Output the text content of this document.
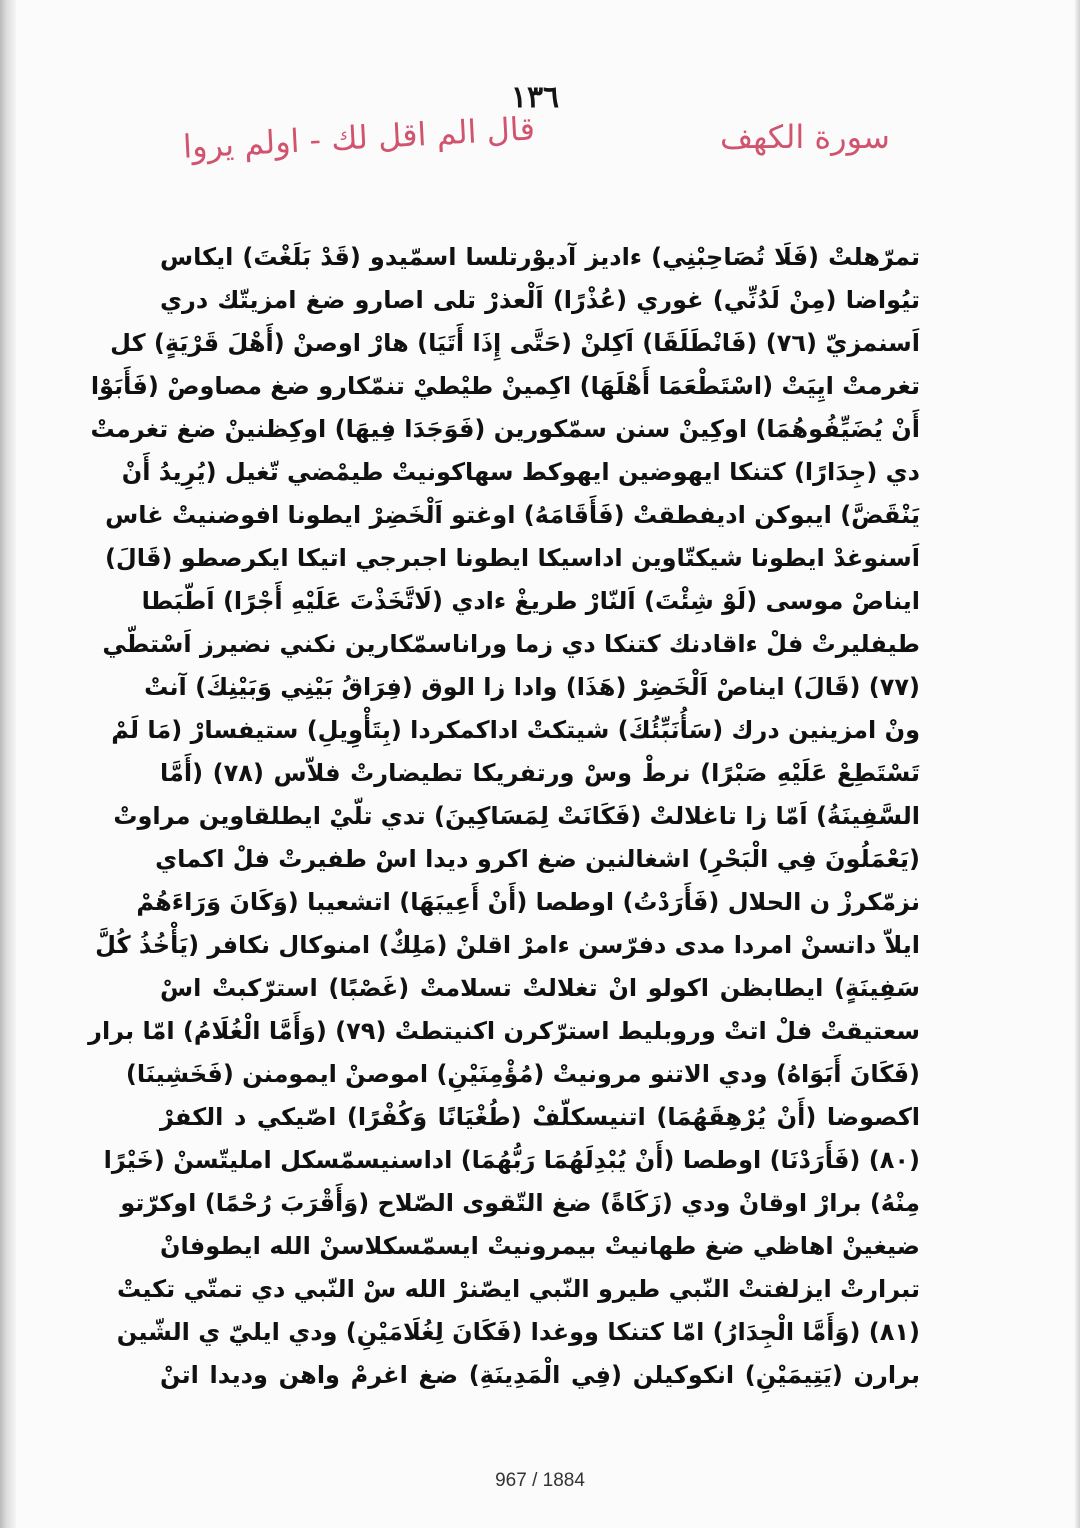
١٣٦
قال الم اقل لك - اولم يروا	سورة الكهف
تمرّهلتْ (فَلَا تُصَاحِبْنِي) ءاديز آديوْرتلسا اسمّيدو (قَدْ بَلَغْتَ) ايكاس
تيُواضا (مِنْ لَدُنِّي) غوري (عُذْرًا) اَلْعذرْ تلى اصارو ضغ امزيتّك دري
اَسنمزيّ (٧٦) (فَانْطَلَقَا) اَكِلنْ (حَتَّى إِذَا أَتَيَا) هارْ اوصنْ (أَهْلَ قَرْيَةٍ) كل
تغرمتْ ايِيَتْ (اسْتَطْعَمَا أَهْلَهَا) اكِمينْ طيْطيْ تنمّكارو ضغ مصاوصْ (فَأَبَوْا
أَنْ يُضَيِّفُوهُمَا) اوكِينْ سنن سمّكورين (فَوَجَدَا فِيهَا) اوكِظنينْ ضغ تغرمتْ
دي (جِدَارًا) كتنكا ايهوضين ايهوكط سهاكونيتْ طيمْضي تّغيل (يُرِيدُ أَنْ
يَنْقَضَّ) ايبوكن اديفطقتْ (فَأَقَامَهُ) اوغتو اَلْخَضِرْ ايطونا افوضنيتْ غاس
اَسنوغدْ ايطونا شيكتّاوين اداسيكا ايطونا اجبرجي اتيكا ايكرصطو (قَالَ)
ايناصْ موسى (لَوْ شِئْتَ) اَلنّارْ طريغْ ءادي (لَاتَّخَذْتَ عَلَيْهِ أَجْرًا) اَطّبَطا
طيفليرتْ فلْ ءاقادنك كتنكا دي زما وراناسمّكارين نكني نضيرز اَسْتطّي
(٧٧) (قَالَ) ايناصْ اَلْخَضِرْ (هَذَا) وادا زا الوق (فِرَاقُ بَيْنِي وَبَيْنِكَ) آنتْ
ونْ امزينين درك (سَأُنَبِّئُكَ) شيتكتْ اداكمكردا (بِتَأْوِيلِ) ستيفسارْ (مَا لَمْ
تَسْتَطِعْ عَلَيْهِ صَبْرًا) نرطْ وسْ ورتفريكا تطيضارتْ فلاّس (٧٨) (أَمَّا
السَّفِينَةُ) اَمّا زا تاغلالتْ (فَكَانَتْ لِمَسَاكِينَ) تدي تلّيْ ايطلقاوين مراوتْ
(يَعْمَلُونَ فِي الْبَحْرِ) اشغالنين ضغ اكرو ديدا اسْ طفيرتْ فلْ اكماي
نزمّكرزْ ن الحلال (فَأَرَدْتُ) اوطصا (أَنْ أَعِيبَهَا) اتشعيبا (وَكَانَ وَرَاءَهُمْ
ايلاّ داتسنْ امردا مدى دفرّسن ءامرْ اقلنْ (مَلِكٌ) امنوكال نكافر (يَأْخُذُ كُلَّ
سَفِينَةٍ) ايطابظن اكولو انْ تغلالتْ تسلامتْ (غَصْبًا) استرّكبتْ اسْ
سعتيقتْ فلْ اتتْ وروبليط استرّكرن اكنيتطتْ (٧٩) (وَأَمَّا الْغُلَامُ) امّا برار
(فَكَانَ أَبَوَاهُ) ودي الاتنو مرونيتْ (مُؤْمِنَيْنِ) اموصنْ ايمومنن (فَخَشِينَا)
اكصوضا (أَنْ يُرْهِقَهُمَا) اتنيسكلّفْ (طُغْيَانًا وَكُفْرًا) اصّيكي د الكفرْ
(٨٠) (فَأَرَدْنَا) اوطصا (أَنْ يُبْدِلَهُمَا رَبُّهُمَا) اداسنيسمّسكل امليتّسنْ (خَيْرًا
مِنْهُ) برارْ اوقانْ ودي (زَكَاةً) ضغ التّقوى الصّلاح (وَأَقْرَبَ رُحْمًا) اوكرّتو
ضيغينْ اهاظي ضغ طهانيتْ بيمرونيتْ ايسمّسكلاسنْ الله ايطوفانْ
تبرارتْ ايزلفتتْ النّبي طيرو النّبي ايصّنرْ الله سْ النّبي دي تمتّي تكيتْ
(٨١) (وَأَمَّا الْجِدَارُ) امّا كتنكا ووغدا (فَكَانَ لِغُلَامَيْنِ) ودي ايليّ ي الشّين
برارن (يَتِيمَيْنِ) انكوكيلن (فِي الْمَدِينَةِ) ضغ اغرمْ واهن وديدا اتنْ
967 / 1884
